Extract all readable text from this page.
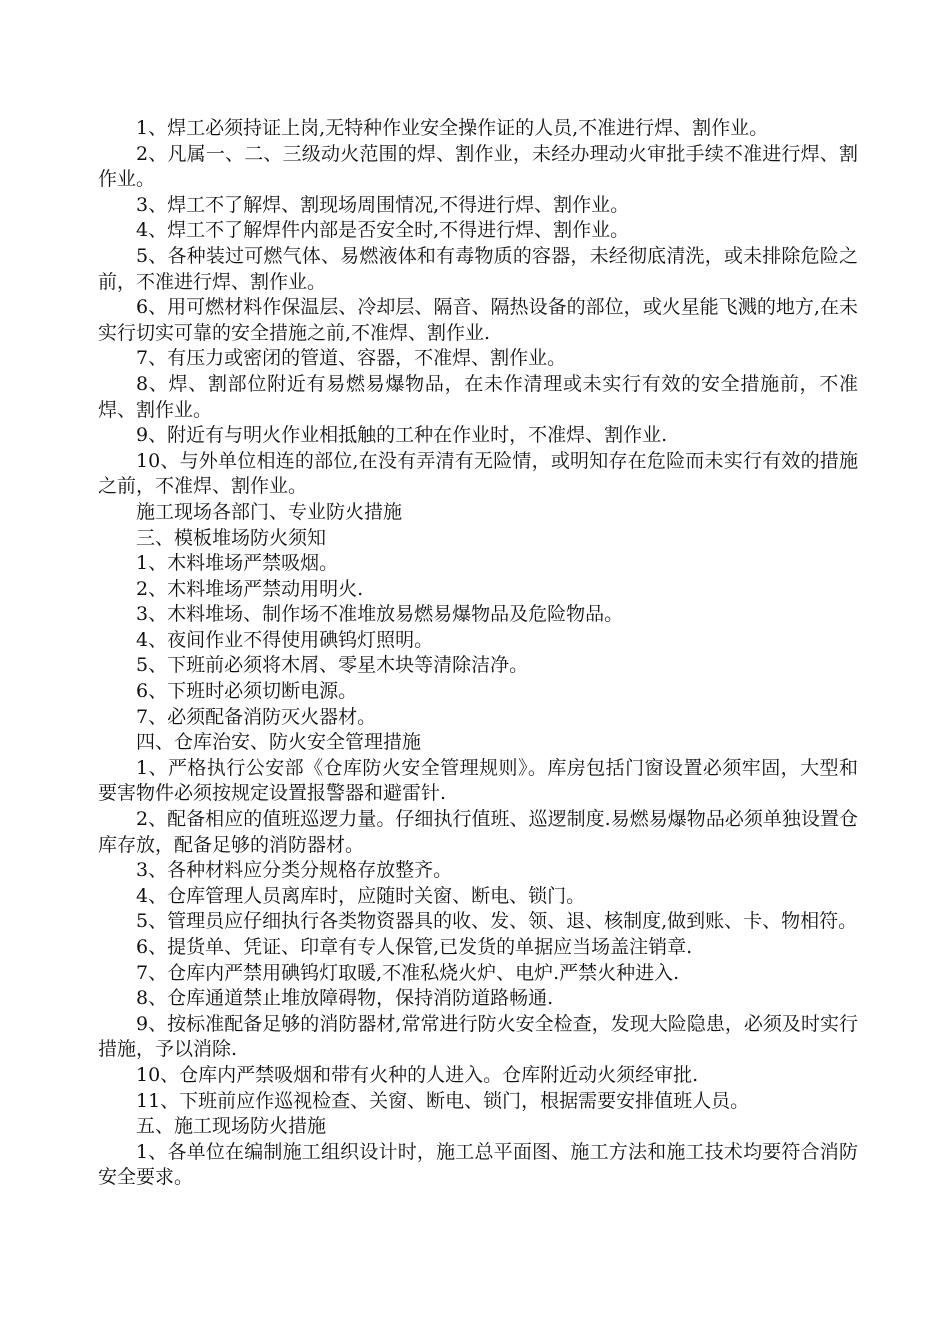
1、焊工必须持证上岗,无特种作业安全操作证的人员,不准进行焊、割作业。

2、凡属一、二、三级动火范围的焊、割作业，未经办理动火审批手续不准进行焊、割作业。

3、焊工不了解焊、割现场周围情况,不得进行焊、割作业。

4、焊工不了解焊件内部是否安全时,不得进行焊、割作业。

5、各种装过可燃气体、易燃液体和有毒物质的容器，未经彻底清洗，或未排除危险之前，不准进行焊、割作业。

6、用可燃材料作保温层、冷却层、隔音、隔热设备的部位，或火星能飞溅的地方,在未实行切实可靠的安全措施之前,不准焊、割作业.

7、有压力或密闭的管道、容器，不准焊、割作业。

8、焊、割部位附近有易燃易爆物品，在未作清理或未实行有效的安全措施前，不准焊、割作业。

9、附近有与明火作业相抵触的工种在作业时，不准焊、割作业.

10、与外单位相连的部位,在没有弄清有无险情，或明知存在危险而未实行有效的措施之前，不准焊、割作业。

施工现场各部门、专业防火措施

三、模板堆场防火须知

1、木料堆场严禁吸烟。

2、木料堆场严禁动用明火.

3、木料堆场、制作场不准堆放易燃易爆物品及危险物品。

4、夜间作业不得使用碘钨灯照明。

5、下班前必须将木屑、零星木块等清除洁净。

6、下班时必须切断电源。

7、必须配备消防灭火器材。

四、仓库治安、防火安全管理措施

1、严格执行公安部《仓库防火安全管理规则》。库房包括门窗设置必须牢固，大型和要害物件必须按规定设置报警器和避雷针.

2、配备相应的值班巡逻力量。仔细执行值班、巡逻制度.易燃易爆物品必须单独设置仓库存放，配备足够的消防器材。

3、各种材料应分类分规格存放整齐。

4、仓库管理人员离库时，应随时关窗、断电、锁门。

5、管理员应仔细执行各类物资器具的收、发、领、退、核制度,做到账、卡、物相符。

6、提货单、凭证、印章有专人保管,已发货的单据应当场盖注销章.

7、仓库内严禁用碘钨灯取暖,不准私烧火炉、电炉.严禁火种进入.

8、仓库通道禁止堆放障碍物，保持消防道路畅通.

9、按标准配备足够的消防器材,常常进行防火安全检查，发现大险隐患，必须及时实行措施，予以消除.

10、仓库内严禁吸烟和带有火种的人进入。仓库附近动火须经审批.

11、下班前应作巡视检查、关窗、断电、锁门，根据需要安排值班人员。

五、施工现场防火措施

1、各单位在编制施工组织设计时，施工总平面图、施工方法和施工技术均要符合消防安全要求。
